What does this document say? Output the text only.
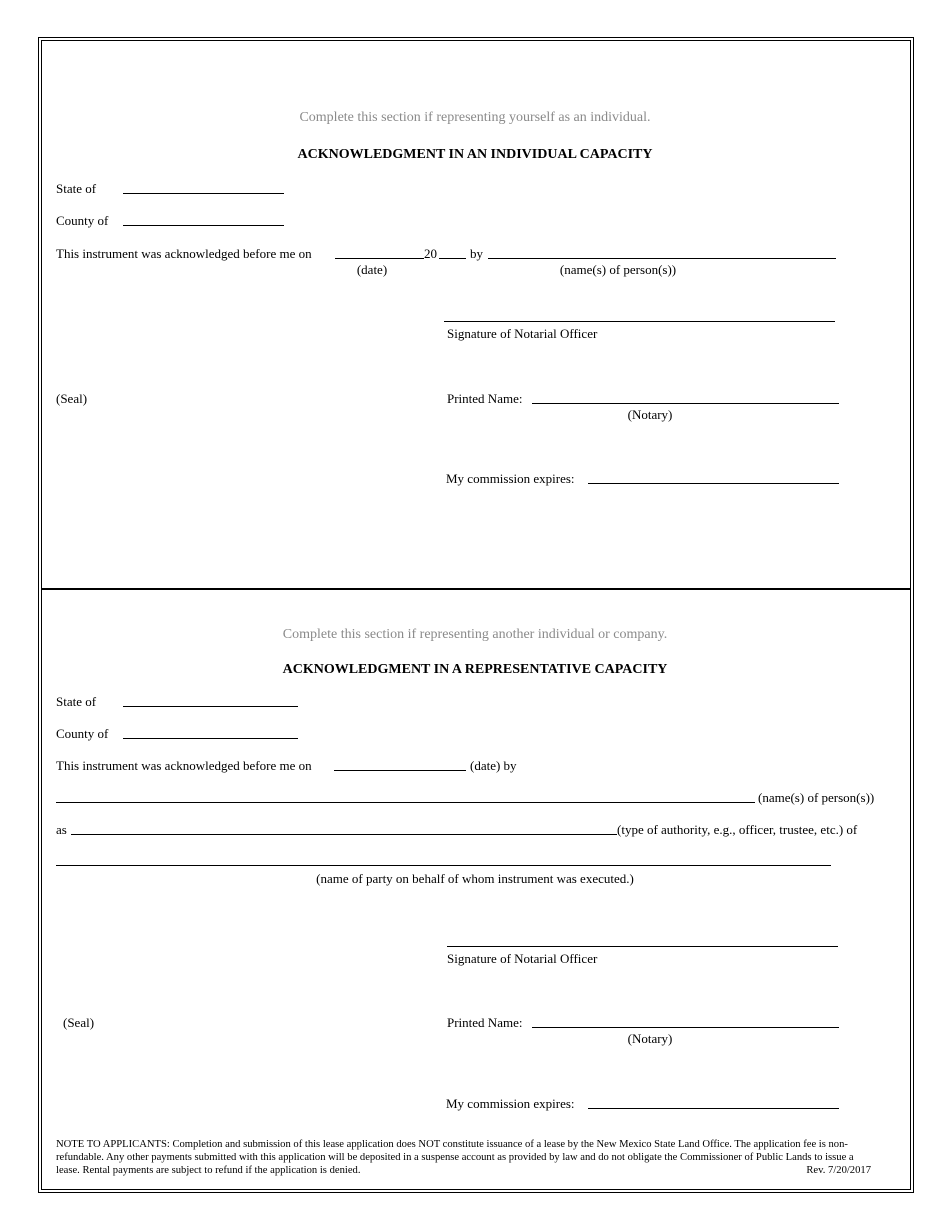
Complete this section if representing yourself as an individual.
ACKNOWLEDGMENT IN AN INDIVIDUAL CAPACITY
State of
County of
This instrument was acknowledged before me on	20	by
(date)	(name(s) of person(s))
Signature of Notarial Officer
(Seal)	Printed Name:
(Notary)
My commission expires:
Complete this section if representing another individual or company.
ACKNOWLEDGMENT IN A REPRESENTATIVE CAPACITY
State of
County of
This instrument was acknowledged before me on	(date) by
(name(s) of person(s))
as	(type of authority, e.g., officer, trustee, etc.) of
(name of party on behalf of whom instrument was executed.)
Signature of Notarial Officer
(Seal)	Printed Name:
(Notary)
My commission expires:
NOTE TO APPLICANTS: Completion and submission of this lease application does NOT constitute issuance of a lease by the New Mexico State Land Office. The application fee is non-refundable. Any other payments submitted with this application will be deposited in a suspense account as provided by law and do not obligate the Commissioner of Public Lands to issue a lease. Rental payments are subject to refund if the application is denied.	Rev. 7/20/2017
